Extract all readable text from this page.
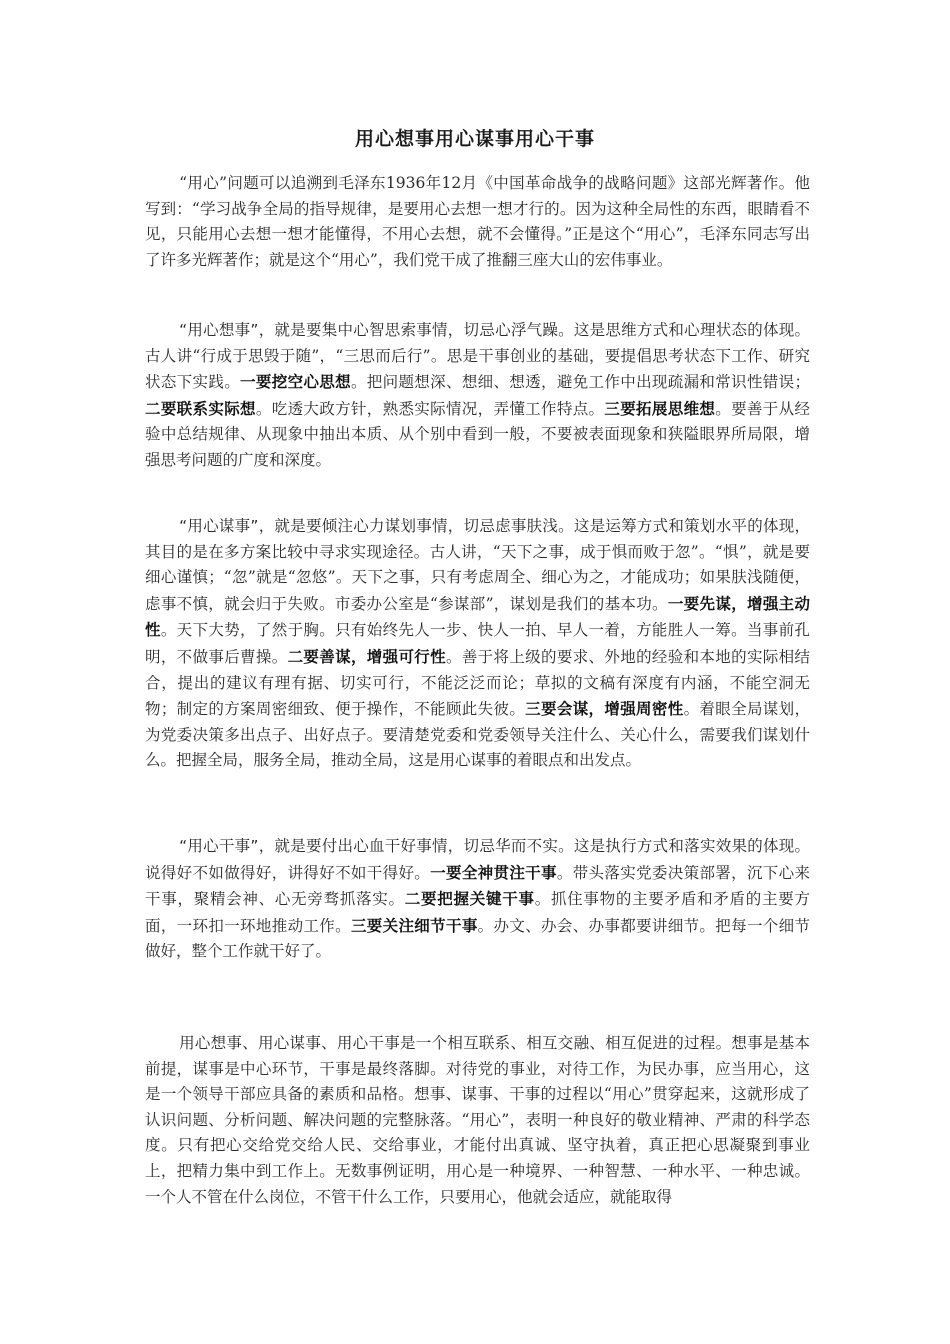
用心想事用心谋事用心干事

“用心”问题可以追溯到毛泽东1936年12月《中国革命战争的战略问题》这部光辉著作。他写到：“学习战争全局的指导规律，是要用心去想一想才行的。因为这种全局性的东西，眼睛看不见，只能用心去想一想才能懂得，不用心去想，就不会懂得。”正是这个“用心”，毛泽东同志写出了许多光辉著作；就是这个“用心”，我们党干成了推翻三座大山的宏伟事业。

“用心想事”，就是要集中心智思索事情，切忌心浮气躁。这是思维方式和心理状态的体现。古人讲“行成于思毁于随”，“三思而后行”。思是干事创业的基础，要提倡思考状态下工作、研究状态下实践。一要挖空心思想。把问题想深、想细、想透，避免工作中出现疏漏和常识性错误；二要联系实际想。吃透大政方针，熟悉实际情况，弄懂工作特点。三要拓展思维想。要善于从经验中总结规律、从现象中抽出本质、从个别中看到一般，不要被表面现象和狭隘眼界所局限，增强思考问题的广度和深度。

“用心谋事”，就是要倾注心力谋划事情，切忌虑事肤浅。这是运筹方式和策划水平的体现，其目的是在多方案比较中寻求实现途径。古人讲，“天下之事，成于惧而败于忽”。“惧”，就是要细心谨慎；“忽”就是“忽悠”。天下之事，只有考虑周全、细心为之，才能成功；如果肤浅随便，虑事不慎，就会归于失败。市委办公室是“参谋部”，谋划是我们的基本功。一要先谋，增强主动性。天下大势，了然于胸。只有始终先人一步、快人一拍、早人一着，方能胜人一筹。当事前孔明，不做事后曹操。二要善谋，增强可行性。善于将上级的要求、外地的经验和本地的实际相结合，提出的建议有理有据、切实可行，不能泛泛而论；草拟的文稿有深度有内涵，不能空洞无物；制定的方案周密细致、便于操作，不能顾此失彼。三要会谋，增强周密性。着眼全局谋划，为党委决策多出点子、出好点子。要清楚党委和党委领导关注什么、关心什么，需要我们谋划什么。把握全局，服务全局，推动全局，这是用心谋事的着眼点和出发点。

“用心干事”，就是要付出心血干好事情，切忌华而不实。这是执行方式和落实效果的体现。说得好不如做得好，讲得好不如干得好。一要全神贯注干事。带头落实党委决策部署，沉下心来干事，聚精会神、心无旁骛抓落实。二要把握关键干事。抓住事物的主要矛盾和矛盾的主要方面，一环扣一环地推动工作。三要关注细节干事。办文、办会、办事都要讲细节。把每一个细节做好，整个工作就干好了。

用心想事、用心谋事、用心干事是一个相互联系、相互交融、相互促进的过程。想事是基本前提，谋事是中心环节，干事是最终落脚。对待党的事业，对待工作，为民办事，应当用心，这是一个领导干部应具备的素质和品格。想事、谋事、干事的过程以“用心”贯穿起来，这就形成了认识问题、分析问题、解决问题的完整脉落。“用心”，表明一种良好的敬业精神、严肃的科学态度。只有把心交给党交给人民、交给事业，才能付出真诚、坚守执着，真正把心思凝聚到事业上，把精力集中到工作上。无数事例证明，用心是一种境界、一种智慧、一种水平、一种忠诚。一个人不管在什么岗位，不管干什么工作，只要用心，他就会适应，就能取得
